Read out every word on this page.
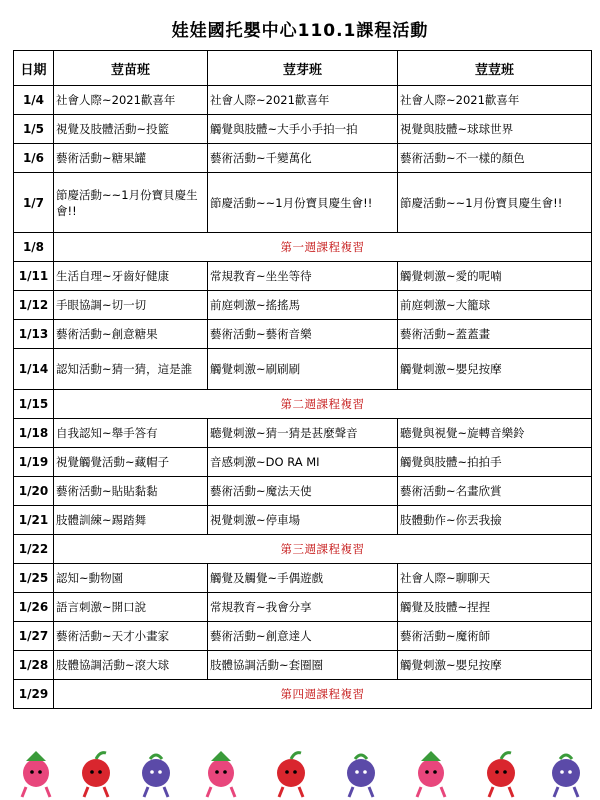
娃娃國托嬰中心110.1課程活動
日期	荳苗班	荳芽班	荳荳班
1/4	社會人際~2021歡喜年	社會人際~2021歡喜年	社會人際~2021歡喜年
1/5	視覺及肢體活動~投籃	觸覺與肢體~大手小手拍一拍	視覺與肢體~球球世界
1/6	藝術活動~糖果罐	藝術活動~千變萬化	藝術活動~不一樣的顏色
1/7	節慶活動~~1月份寶貝慶生會!!	節慶活動~~1月份寶貝慶生會!!	節慶活動~~1月份寶貝慶生會!!
1/8	第一週課程複習		
1/11	生活自理~牙齒好健康	常規教育~坐坐等待	觸覺刺激~愛的呢喃
1/12	手眼協調~切一切	前庭刺激~搖搖馬	前庭刺激~大籠球
1/13	藝術活動~創意糖果	藝術活動~藝術音樂	藝術活動~蓋蓋畫
1/14	認知活動~猜一猜，這是誰	觸覺刺激~刷刷刷	觸覺刺激~嬰兒按摩
1/15	第二週課程複習		
1/18	自我認知~舉手答有	聽覺刺激~猜一猜是甚麼聲音	聽覺與視覺~旋轉音樂鈴
1/19	視覺觸覺活動~藏帽子	音感刺激~DO RA MI	觸覺與肢體~拍拍手
1/20	藝術活動~貼貼黏黏	藝術活動~魔法天使	藝術活動~名畫欣賞
1/21	肢體訓練~踢踏舞	視覺刺激~停車場	肢體動作~你丟我撿
1/22	第三週課程複習		
1/25	認知~動物園	觸覺及觸覺~手偶遊戲	社會人際~聊聊天
1/26	語言刺激~開口說	常規教育~我會分享	觸覺及肢體~捏捏
1/27	藝術活動~天才小畫家	藝術活動~創意達人	藝術活動~魔術師
1/28	肢體協調活動~滾大球	肢體協調活動~套圈圈	觸覺刺激~嬰兒按摩
1/29	第四週課程複習		
